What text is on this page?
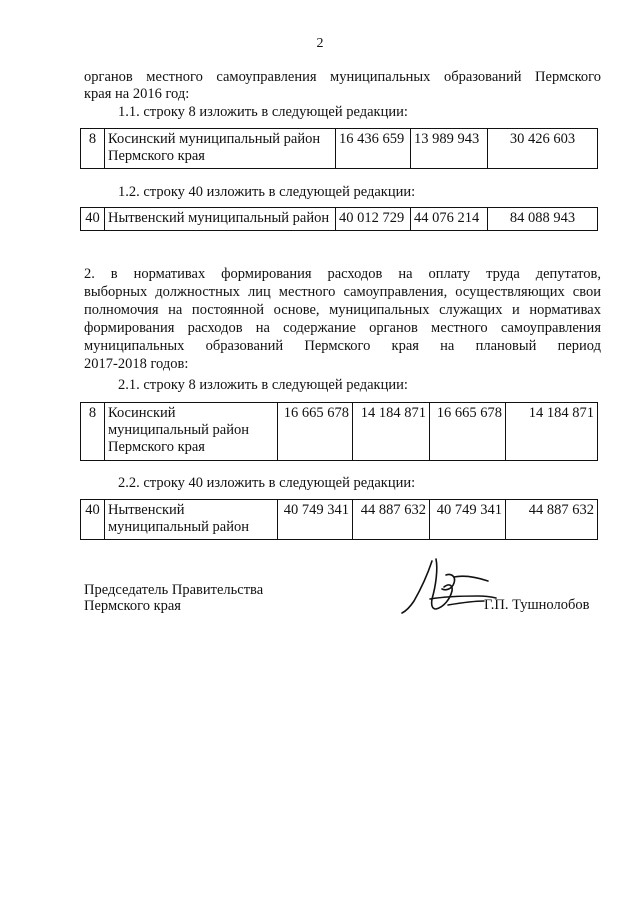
2
органов местного самоуправления муниципальных образований Пермского
края на 2016 год:
1.1. строку 8 изложить в следующей редакции:
8	Косинский муниципальный район Пермского края	16 436 659	13 989 943	30 426 603
1.2. строку 40 изложить в следующей редакции:
40	Нытвенский муниципальный район	40 012 729	44 076 214	84 088 943
2. в нормативах формирования расходов на оплату труда депутатов,
выборных должностных лиц местного самоуправления, осуществляющих свои
полномочия на постоянной основе, муниципальных служащих и нормативах
формирования расходов на содержание органов местного самоуправления
муниципальных образований Пермского края на плановый период
2017-2018 годов:
2.1. строку 8 изложить в следующей редакции:
8	Косинский муниципальный район Пермского края	16 665 678	14 184 871	16 665 678	14 184 871
2.2. строку 40 изложить в следующей редакции:
40	Нытвенский муниципальный район	40 749 341	44 887 632	40 749 341	44 887 632
Председатель Правительства
Пермского края	Г.П. Тушнолобов
